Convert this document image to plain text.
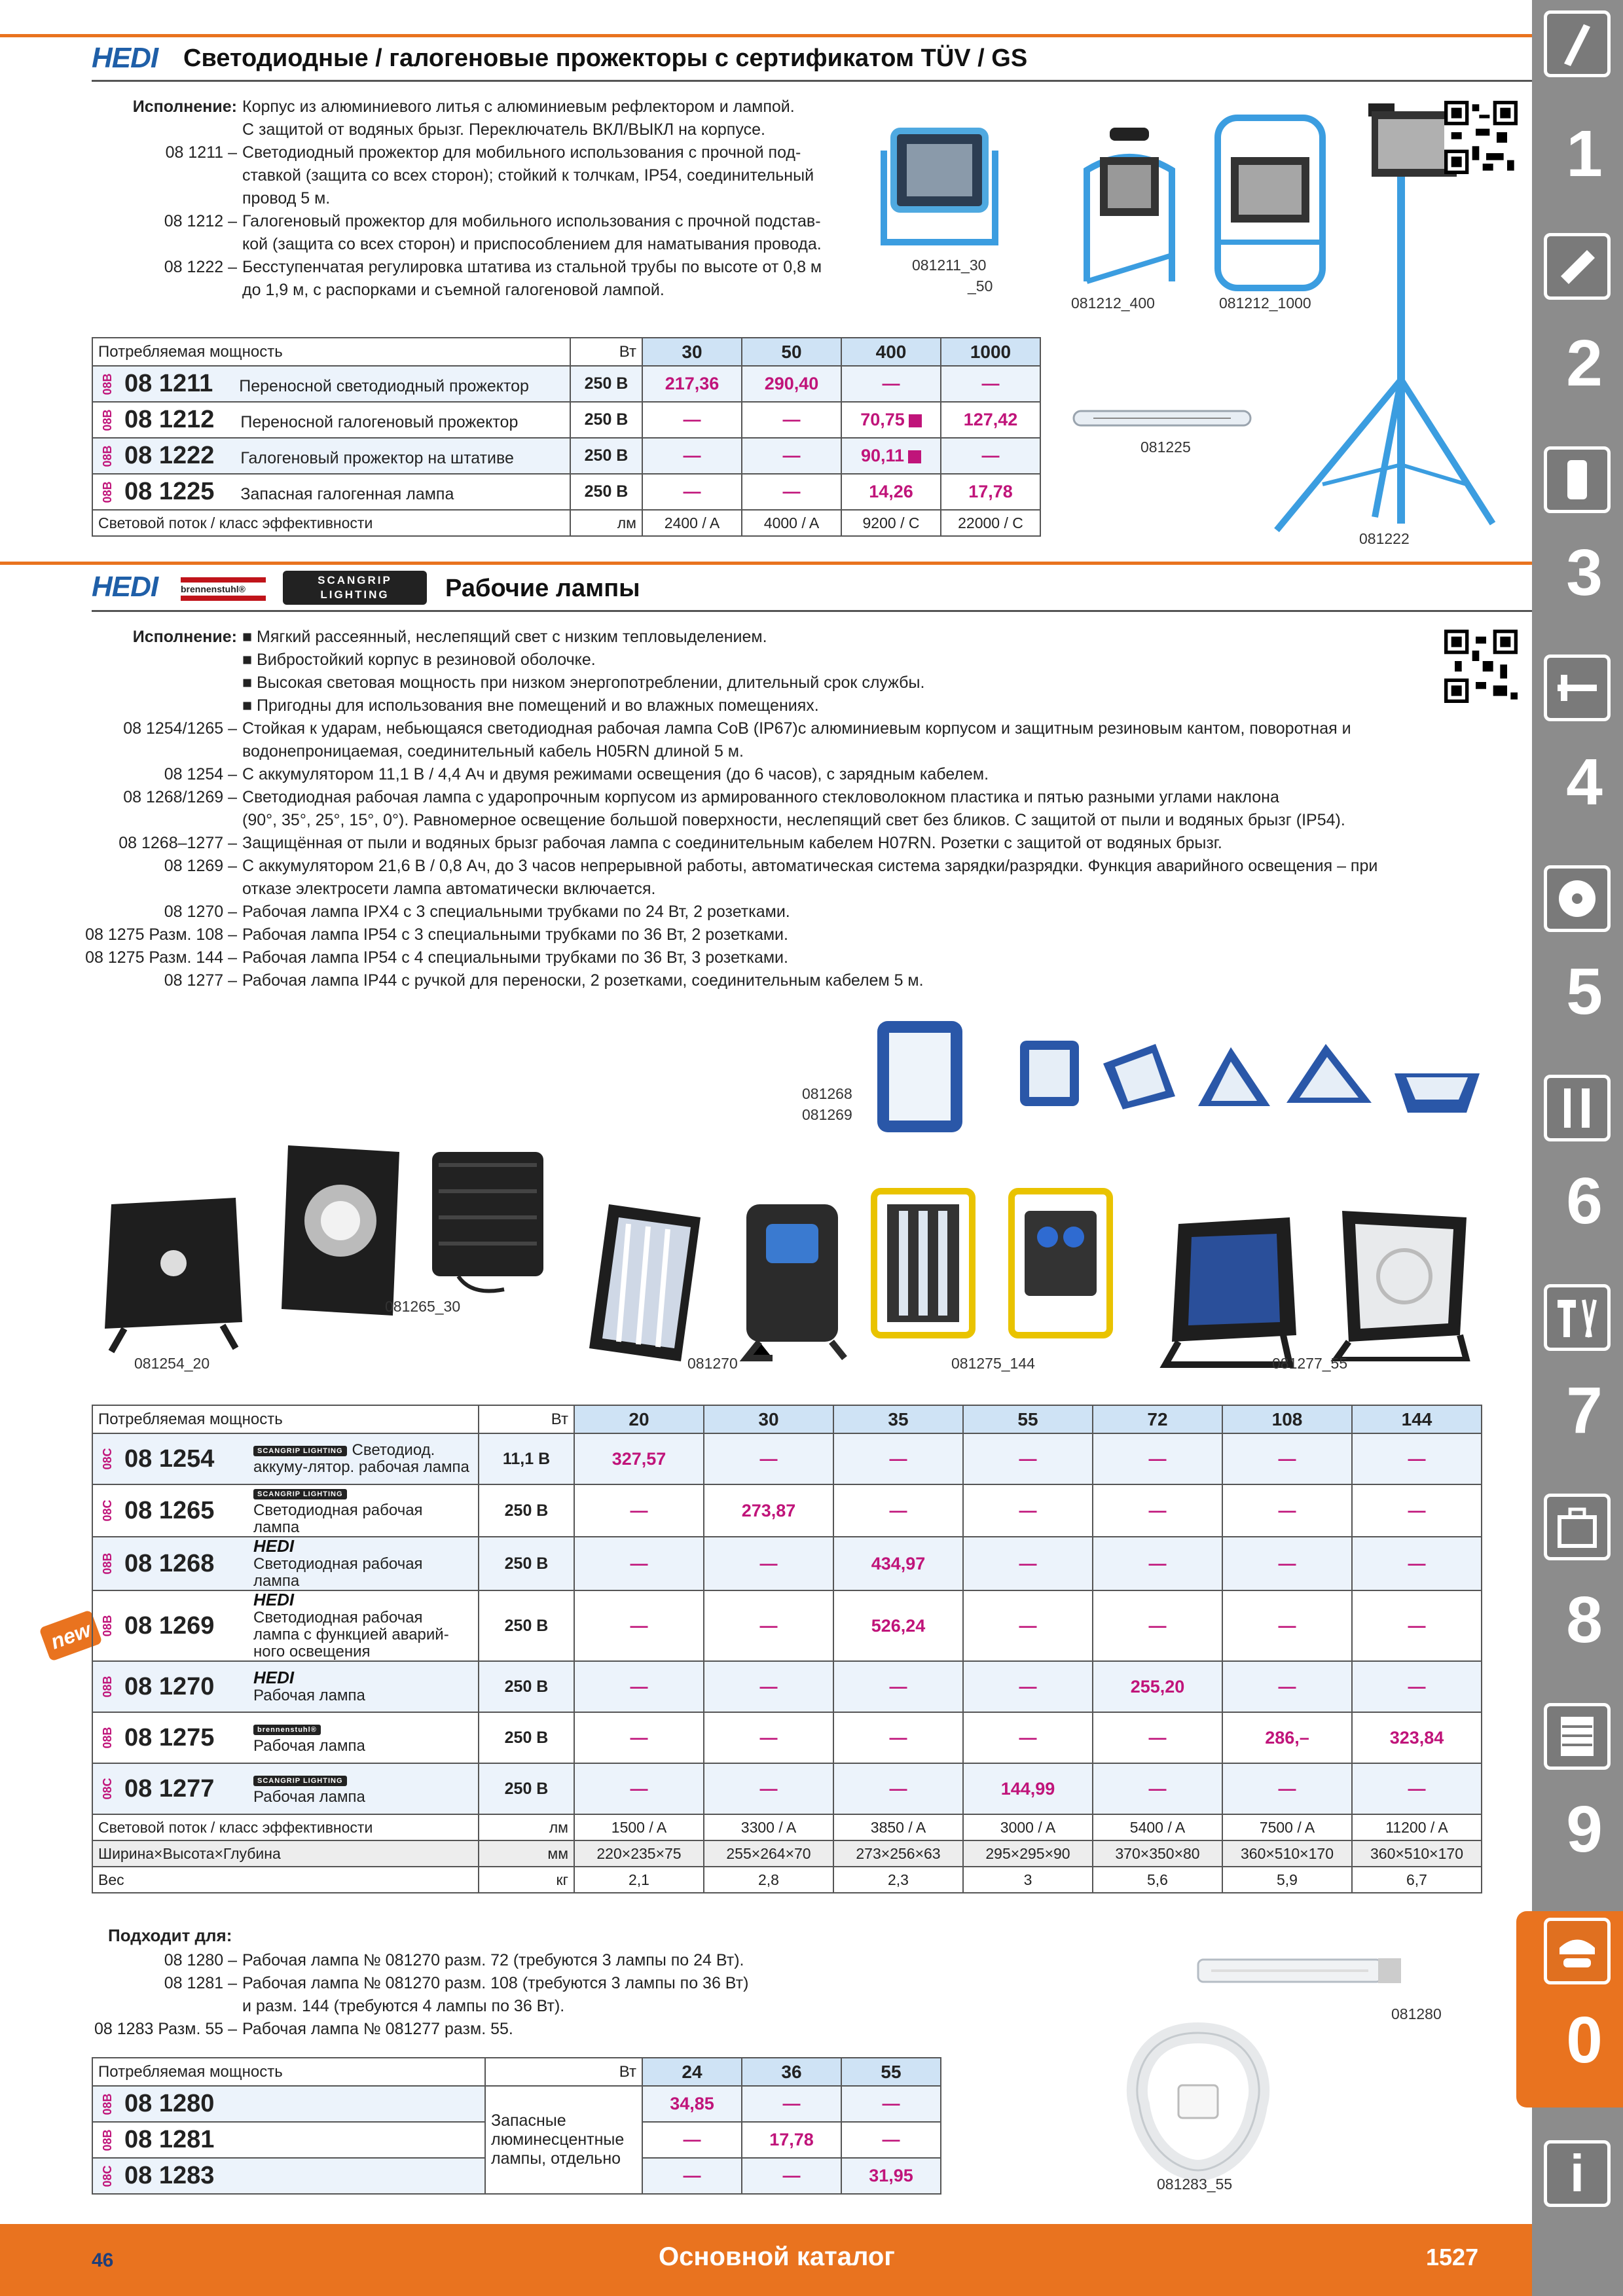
HEDI Светодиодные / галогеновые прожекторы с сертификатом TÜV / GS
Исполнение: Корпус из алюминиевого литья с алюминиевым рефлектором и лампой.
С защитой от водяных брызг. Переключатель ВКЛ/ВЫКЛ на корпусе.
08 1211 – Светодиодный прожектор для мобильного использования с прочной под-
ставкой (защита со всех сторон); стойкий к толчкам, IP54, соединительный
провод 5 м.
08 1212 – Галогеновый прожектор для мобильного использования с прочной подстав-
кой (защита со всех сторон) и приспособлением для наматывания провода.
08 1222 – Бесступенчатая регулировка штатива из стальной трубы по высоте от 0,8 м
до 1,9 м, с распорками и съемной галогеновой лампой.
081211_30
_50
081212_400	081212_1000
081225
081222
Потребляемая мощность	Вт	30	50	400	1000

08B 08 1211 Переносной светодиодный прожектор	250 В	217,36	290,40	—	—

08B 08 1212 Переносной галогеновый прожектор	250 В	—	—	70,75	127,42

08B 08 1222 Галогеновый прожектор на штативе	250 В	—	—	90,11	—

08B 08 1225 Запасная галогенная лампа	250 В	—	—	14,26	17,78
Световой поток / класс эффективности	лм	2400 / A	4000 / A	9200 / C	22000 / C
HEDI brennenstuhl®
SCANGRIP LIGHTING	Рабочие лампы
Исполнение: ■ Мягкий рассеянный, неслепящий свет с низким тепловыделением.
■ Вибростойкий корпус в резиновой оболочке.
■ Высокая световая мощность при низком энергопотреблении, длительный срок службы.
■ Пригодны для использования вне помещений и во влажных помещениях.
08 1254/1265 – Стойкая к ударам, небьющаяся светодиодная рабочая лампа CoB (IP67)с алюминиевым корпусом и защитным резиновым кантом, поворотная и
водонепроницаемая, соединительный кабель H05RN длиной 5 м.
08 1254 – С аккумулятором 11,1 В / 4,4 Ач и двумя режимами освещения (до 6 часов), с зарядным кабелем.
08 1268/1269 – Светодиодная рабочая лампа с ударопрочным корпусом из армированного стекловолокном пластика и пятью разными углами наклона
(90°, 35°, 25°, 15°, 0°). Равномерное освещение большой поверхности, неслепящий свет без бликов. С защитой от пыли и водяных брызг (IP54).
08 1268–1277 – Защищённая от пыли и водяных брызг рабочая лампа с соединительным кабелем H07RN. Розетки с защитой от водяных брызг.
08 1269 – С аккумулятором 21,6 В / 0,8 Ач, до 3 часов непрерывной работы, автоматическая система зарядки/разрядки. Функция аварийного освещения – при
отказе электросети лампа автоматически включается.
08 1270 – Рабочая лампа IPX4 с 3 специальными трубками по 24 Вт, 2 розетками.
08 1275 Разм. 108 – Рабочая лампа IP54 с 3 специальными трубками по 36 Вт, 2 розетками.
08 1275 Разм. 144 – Рабочая лампа IP54 с 4 специальными трубками по 36 Вт, 3 розетками.
08 1277 – Рабочая лампа IP44 с ручкой для переноски, 2 розетками, соединительным кабелем 5 м.
081268
081269
081265_30
081254_20	081270	081275_144	081277_55
new
Потребляемая мощность	Вт	20	30	35	55	72	108	144

08C 08 1254 SCANGRIP LIGHTING Светодиод. аккуму-лятор. рабочая лампа	11,1 В	327,57	—	—	—	—	—	—

08C 08 1265
SCANGRIP LIGHTING
Светодиодная рабочая лампа	250 В	—	273,87	—	—	—	—	—

08B 08 1268
HEDI
Светодиодная рабочая лампа	250 В	—	—	434,97	—	—	—	—

08B 08 1269
HEDI
Светодиодная рабочая лампа с функцией аварий-ного освещения	250 В	—	—	526,24	—	—	—	—

08B 08 1270 HEDI
Рабочая лампа	250 В	—	—	—	—	255,20	—	—

08B 08 1275 brennenstuhl®
Рабочая лампа	250 В	—	—	—	—	—	286,–	323,84

08C 08 1277 SCANGRIP LIGHTING
Рабочая лампа	250 В	—	—	—	144,99	—	—	—
Световой поток / класс эффективности	лм	1500 / A	3300 / A	3850 / A	3000 / A	5400 / A	7500 / A	11200 / A
Ширина×Высота×Глубина	мм	220×235×75	255×264×70	273×256×63	295×295×90	370×350×80	360×510×170	360×510×170
Вес	кг	2,1	2,8	2,3	3	5,6	5,9	6,7
Подходит для:
08 1280 – Рабочая лампа № 081270 разм. 72 (требуются 3 лампы по 24 Вт).
08 1281 – Рабочая лампа № 081270 разм. 108 (требуются 3 лампы по 36 Вт)
и разм. 144 (требуются 4 лампы по 36 Вт).
08 1283 Разм. 55 – Рабочая лампа № 081277 разм. 55.
081280
081283_55
Потребляемая мощность	Вт	24	36	55	

08B 08 1280	Запасные люминесцентные лампы, отдельно	34,85	—	—	

08B 08 1281		—	17,78	—	

08C 08 1283		—	—	31,95	
1
2
3
4
5
6
7
8
9
0
i
46	Основной каталог	1527
